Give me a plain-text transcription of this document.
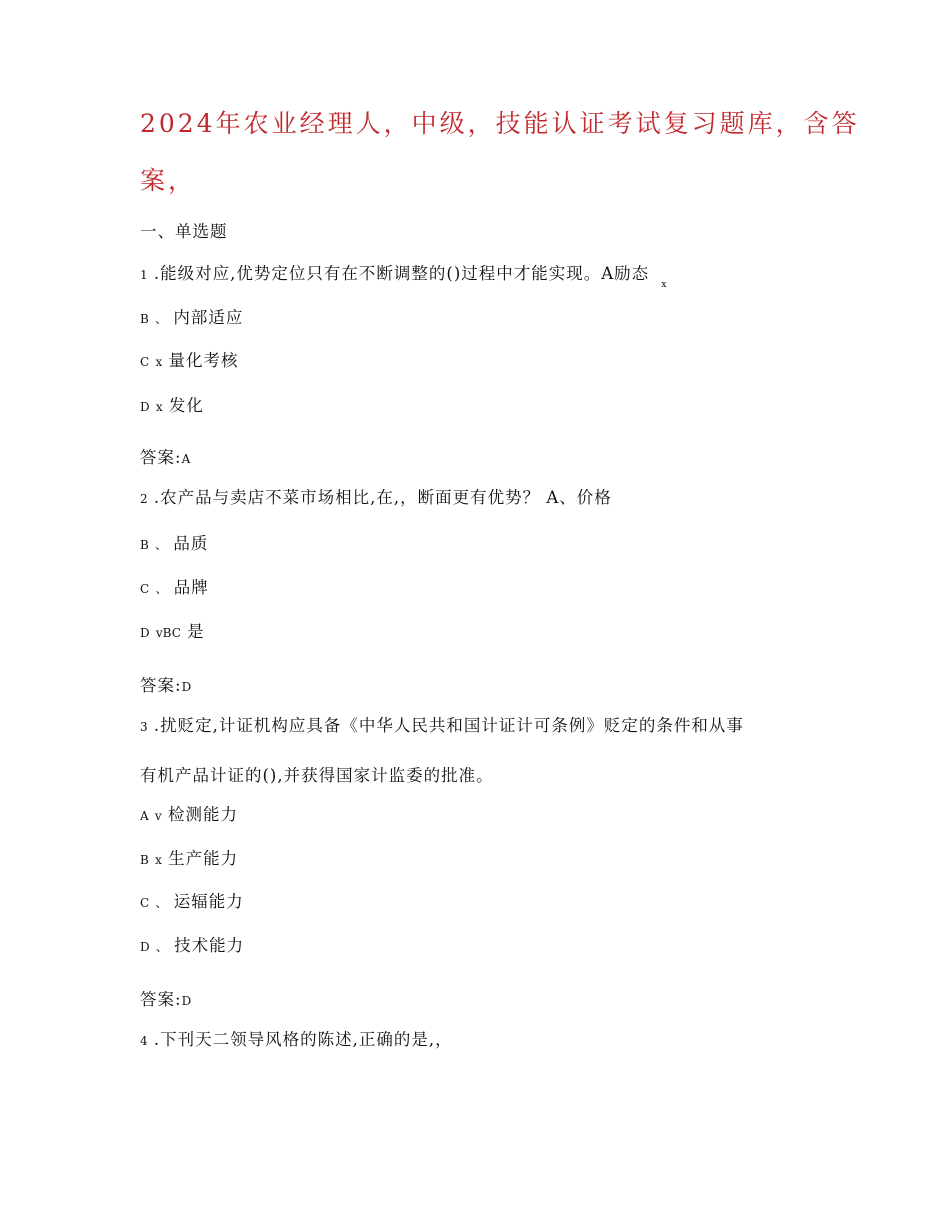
2024年农业经理人，中级，技能认证考试复习题库，含答
案，
一、单选题
1 .能级对应,优势定位只有在不断调整的()过程中才能实现。A励态 $_x$
B 、 内部适应
C x 量化考核
D x 发化
答案:A
2 .农产品与卖店不菜市场相比,在,，断面更有优势？ A、价格
B 、 品质
C 、 品牌
D vBC 是
答案:D
3 .扰贬定,计证机构应具备《中华人民共和国计证计可条例》贬定的条件和从事
有机产品计证的(),并获得国家计监委的批准。
A v 检测能力
B x 生产能力
C 、 运辐能力
D 、 技术能力
答案:D
4 .下刊天二领导风格的陈述,正确的是,，
